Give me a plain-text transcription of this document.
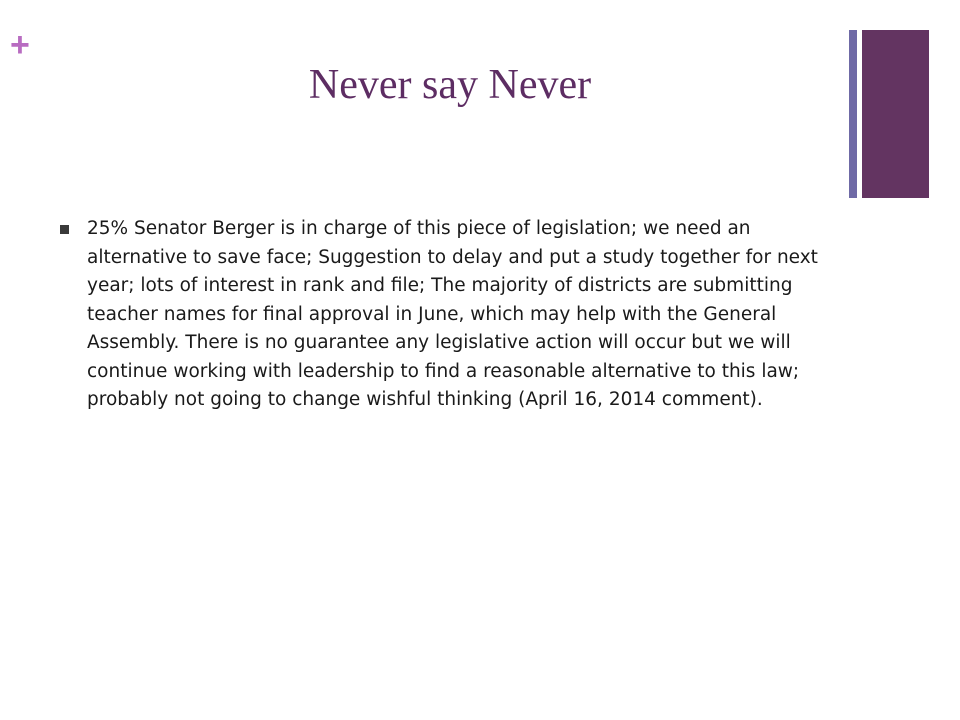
+
Never say Never
25% Senator Berger is in charge of this piece of legislation; we need an alternative to save face; Suggestion to delay and put a study together for next year; lots of interest in rank and file; The majority of districts are submitting teacher names for final approval in June, which may help with the General Assembly. There is no guarantee any legislative action will occur but we will continue working with leadership to find a reasonable alternative to this law; probably not going to change wishful thinking (April 16, 2014 comment).
